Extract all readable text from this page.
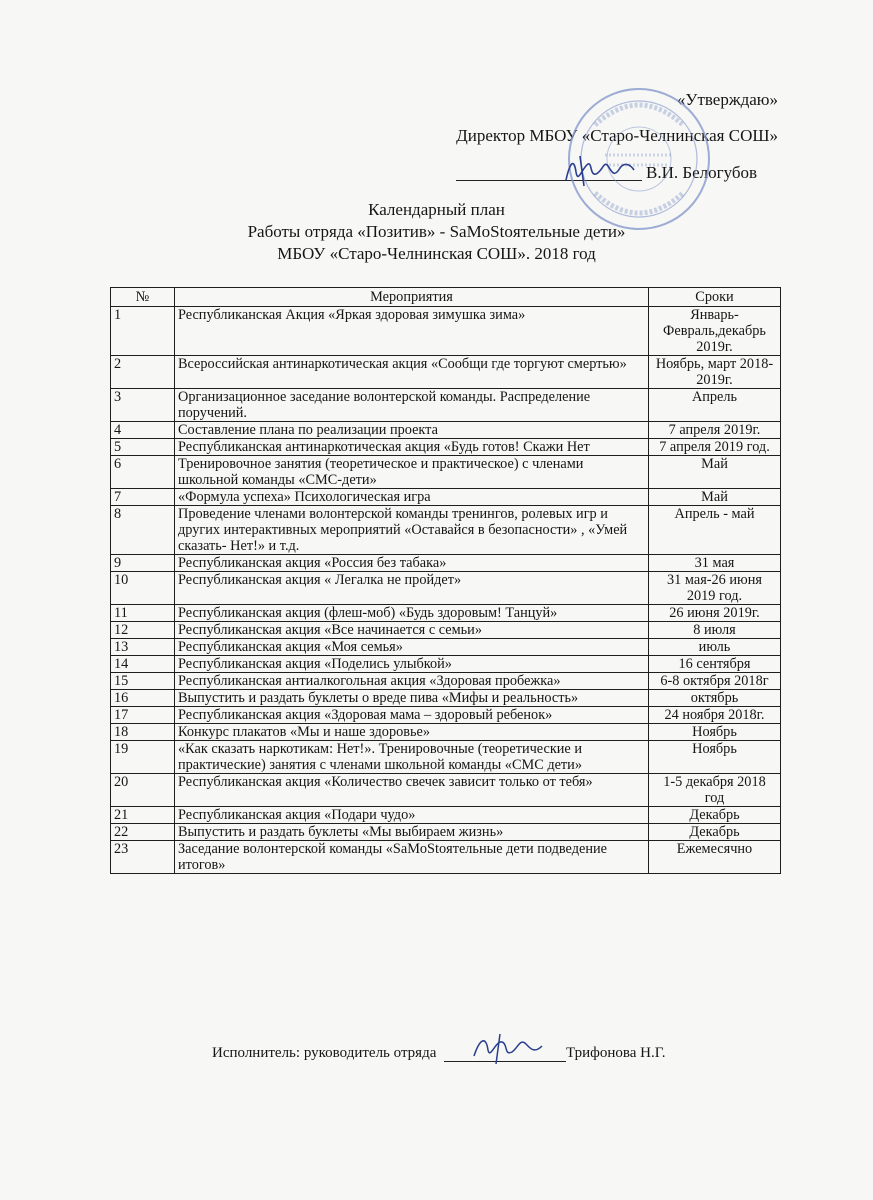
«Утверждаю»
Директор МБОУ «Старо-Челнинская СОШ»
В.И. Белогубов
Календарный план
Работы отряда «Позитив» - SaMoStoятельные дети»
МБОУ «Старо-Челнинская СОШ». 2018 год
№	Мероприятия	Сроки
1	Республиканская Акция «Яркая здоровая зимушка зима»	Январь-Февраль,декабрь 2019г.
2	Всероссийская антинаркотическая акция «Сообщи где торгуют смертью»	Ноябрь, март 2018-2019г.
3	Организационное заседание волонтерской команды. Распределение поручений.	Апрель
4	Составление плана по реализации проекта	7 апреля 2019г.
5	Республиканская антинаркотическая акция «Будь готов! Скажи Нет	7 апреля 2019 год.
6	Тренировочное занятия (теоретическое и практическое) с членами школьной команды «СМС-дети»	Май
7	«Формула успеха» Психологическая игра	Май
8	Проведение членами волонтерской команды тренингов, ролевых игр и других интерактивных мероприятий «Оставайся в безопасности» , «Умей сказать- Нет!» и т.д.	Апрель - май
9	Республиканская акция «Россия без табака»	31 мая
10	Республиканская акция « Легалка не пройдет»	31 мая-26 июня 2019 год.
11	Республиканская акция (флеш-моб) «Будь здоровым! Танцуй»	26 июня 2019г.
12	Республиканская акция «Все начинается с семьи»	8 июля
13	Республиканская акция «Моя семья»	июль
14	Республиканская акция «Поделись улыбкой»	16 сентября
15	Республиканская антиалкогольная акция «Здоровая пробежка»	6-8 октября 2018г
16	Выпустить и раздать буклеты о вреде пива «Мифы и реальность»	октябрь
17	Республиканская акция «Здоровая мама – здоровый ребенок»	24 ноября 2018г.
18	Конкурс плакатов «Мы и наше здоровье»	Ноябрь
19	«Как сказать наркотикам: Нет!». Тренировочные (теоретические и практические) занятия с членами школьной команды «СМС дети»	Ноябрь
20	Республиканская акция «Количество свечек зависит только от тебя»	1-5 декабря 2018 год
21	Республиканская акция «Подари чудо»	Декабрь
22	Выпустить и раздать буклеты «Мы выбираем жизнь»	Декабрь
23	Заседание волонтерской команды «SaMoStoятельные дети подведение итогов»	Ежемесячно
Исполнитель: руководитель отряда	Трифонова Н.Г.
